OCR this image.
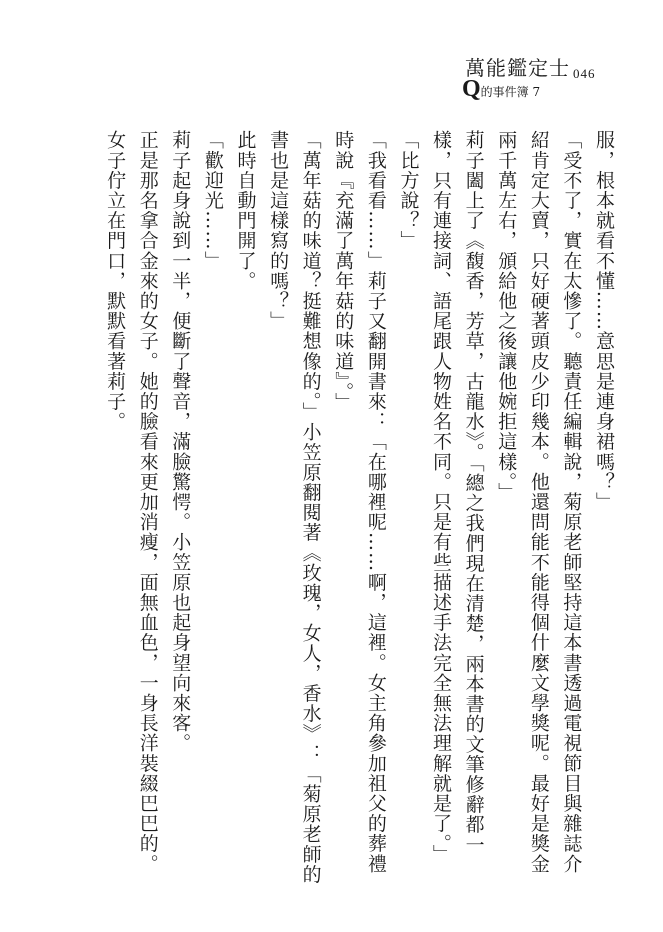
萬能鑑定士
Q的事件簿 7
046

服，根本就看不懂……意思是連身裙嗎？」

「受不了，實在太慘了。聽責任編輯說，菊原老師堅持這本書透過電視節目與雜誌介紹肯定大賣，只好硬著頭皮少印幾本。他還問能不能得個什麼文學獎呢。最好是獎金兩千萬左右，頒給他之後讓他婉拒這樣。」

莉子闔上了《馥香，芳草，古龍水》。「總之我們現在清楚，兩本書的文筆修辭都一樣，只有連接詞、語尾跟人物姓名不同。只是有些描述手法完全無法理解就是了。」

「比方說？」

「我看看……」莉子又翻開書來：「在哪裡呢……啊，這裡。女主角參加祖父的葬禮時說『充滿了萬年菇的味道』。」

「萬年菇的味道？挺難想像的。」小笠原翻閱著《玫瑰，女人，香水》：「菊原老師的書也是這樣寫的嗎？」

此時自動門開了。

「歡迎光……」

莉子起身說到一半，便斷了聲音，滿臉驚愕。小笠原也起身望向來客。

正是那名拿合金來的女子。她的臉看來更加消瘦，面無血色，一身長洋裝綴巴巴的。

女子佇立在門口，默默看著莉子。
